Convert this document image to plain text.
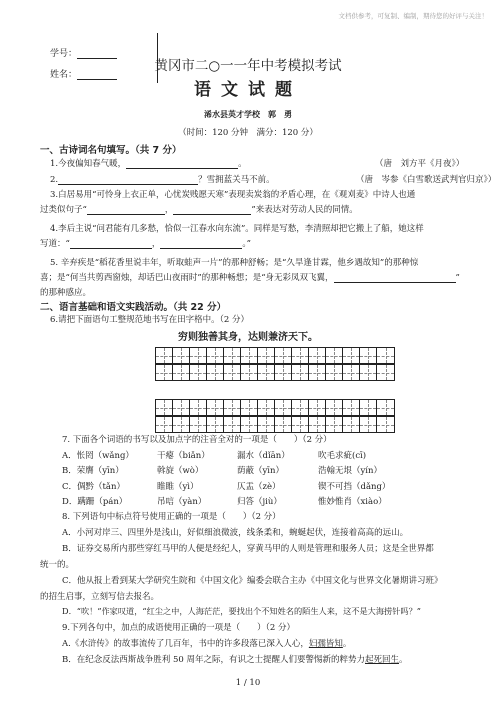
文档供参考，可复制、编制，期待您的好评与关注！
学号：
姓名：
黄冈市二○一一年中考模拟考试
语文试题
浠水县英才学校　郭　勇
（时间：120 分钟　满分：120 分）
一、古诗词名句填写。（共 7 分）
1.今夜偏知春气暖，	。	（唐　刘方平《月夜》）
2.	？雪拥蓝关马不前。	（唐　岑参《白雪歌送武判官归京》）
3.白居易用“可怜身上衣正单，心忧炭贱愿天寒”表现卖炭翁的矛盾心理，在《观刈麦》中诗人也通
过类似句子“	，	”来表达对劳动人民的同情。
4.李后主说“问君能有几多愁，恰似一江春水向东流”。同样是写愁，李清照却把它搬上了船，她这样
写道：“	，	。”
5. 辛弃疾是“稻花香里说丰年，听取蛙声一片”的那种舒畅；是“久旱逢甘霖，他乡遇故知”的那种惊
喜；是“何当共剪西窗烛，却话巴山夜雨时”的那种畅想；是“身无彩凤双飞翼，	”
的那种感应。
二、语言基础和语文实践活动。（共 22 分）
6.请把下面语句工整规范地书写在田字格中。（2 分）
穷则独善其身，达则兼济天下。
7. 下面各个词语的书写以及加点字的注音全对的一项是（　　）（2 分）
A．怅罔（wǎng）	干瘪（biǎn）	漏水（dǐān）	吹毛求疵(cī)
B．荣膺（yīn）	斡旋（wò）	荫蔽（yīn）	浩翰无垠（yín）
C．倜黔（tǎn）	睢睢（yì）	仄盂（zè）	锲不可挡（dǎng）
D．蹒跚（pán）	吊唁（yàn）	归答（jiù）	惟妙惟肖（xiào）
8. 下列语句中标点符号使用正确的一项是（　　）（2 分）
A．小河对岸三、四里外是浅山，好似细浪微波，线条柔和，蜿蜒起伏，连接着高高的远山。
B．证券交易所内那些穿红马甲的人便是经纪人，穿黄马甲的人则是管理和服务人员；这是全世界都
统一的。
C．他从报上看到某大学研究生院和《中国文化》编委会联合主办《中国文化与世界文化暑期讲习班》
的招生启事，立刻写信去报名。
D．“吹！”作家叹道，“红尘之中，人海茫茫，要找出个不知姓名的陌生人来，这不是大海捞针吗？”
9.下列各句中，加点的成语使用正确的一项是（　　）（2 分）
A.《水浒传》的故事流传了几百年，书中的许多段落已深入人心，妇孺皆知。
B．在纪念反法西斯战争胜利 50 周年之际，有识之士提醒人们要警惕新的粹势力起死回生。
1 / 10
